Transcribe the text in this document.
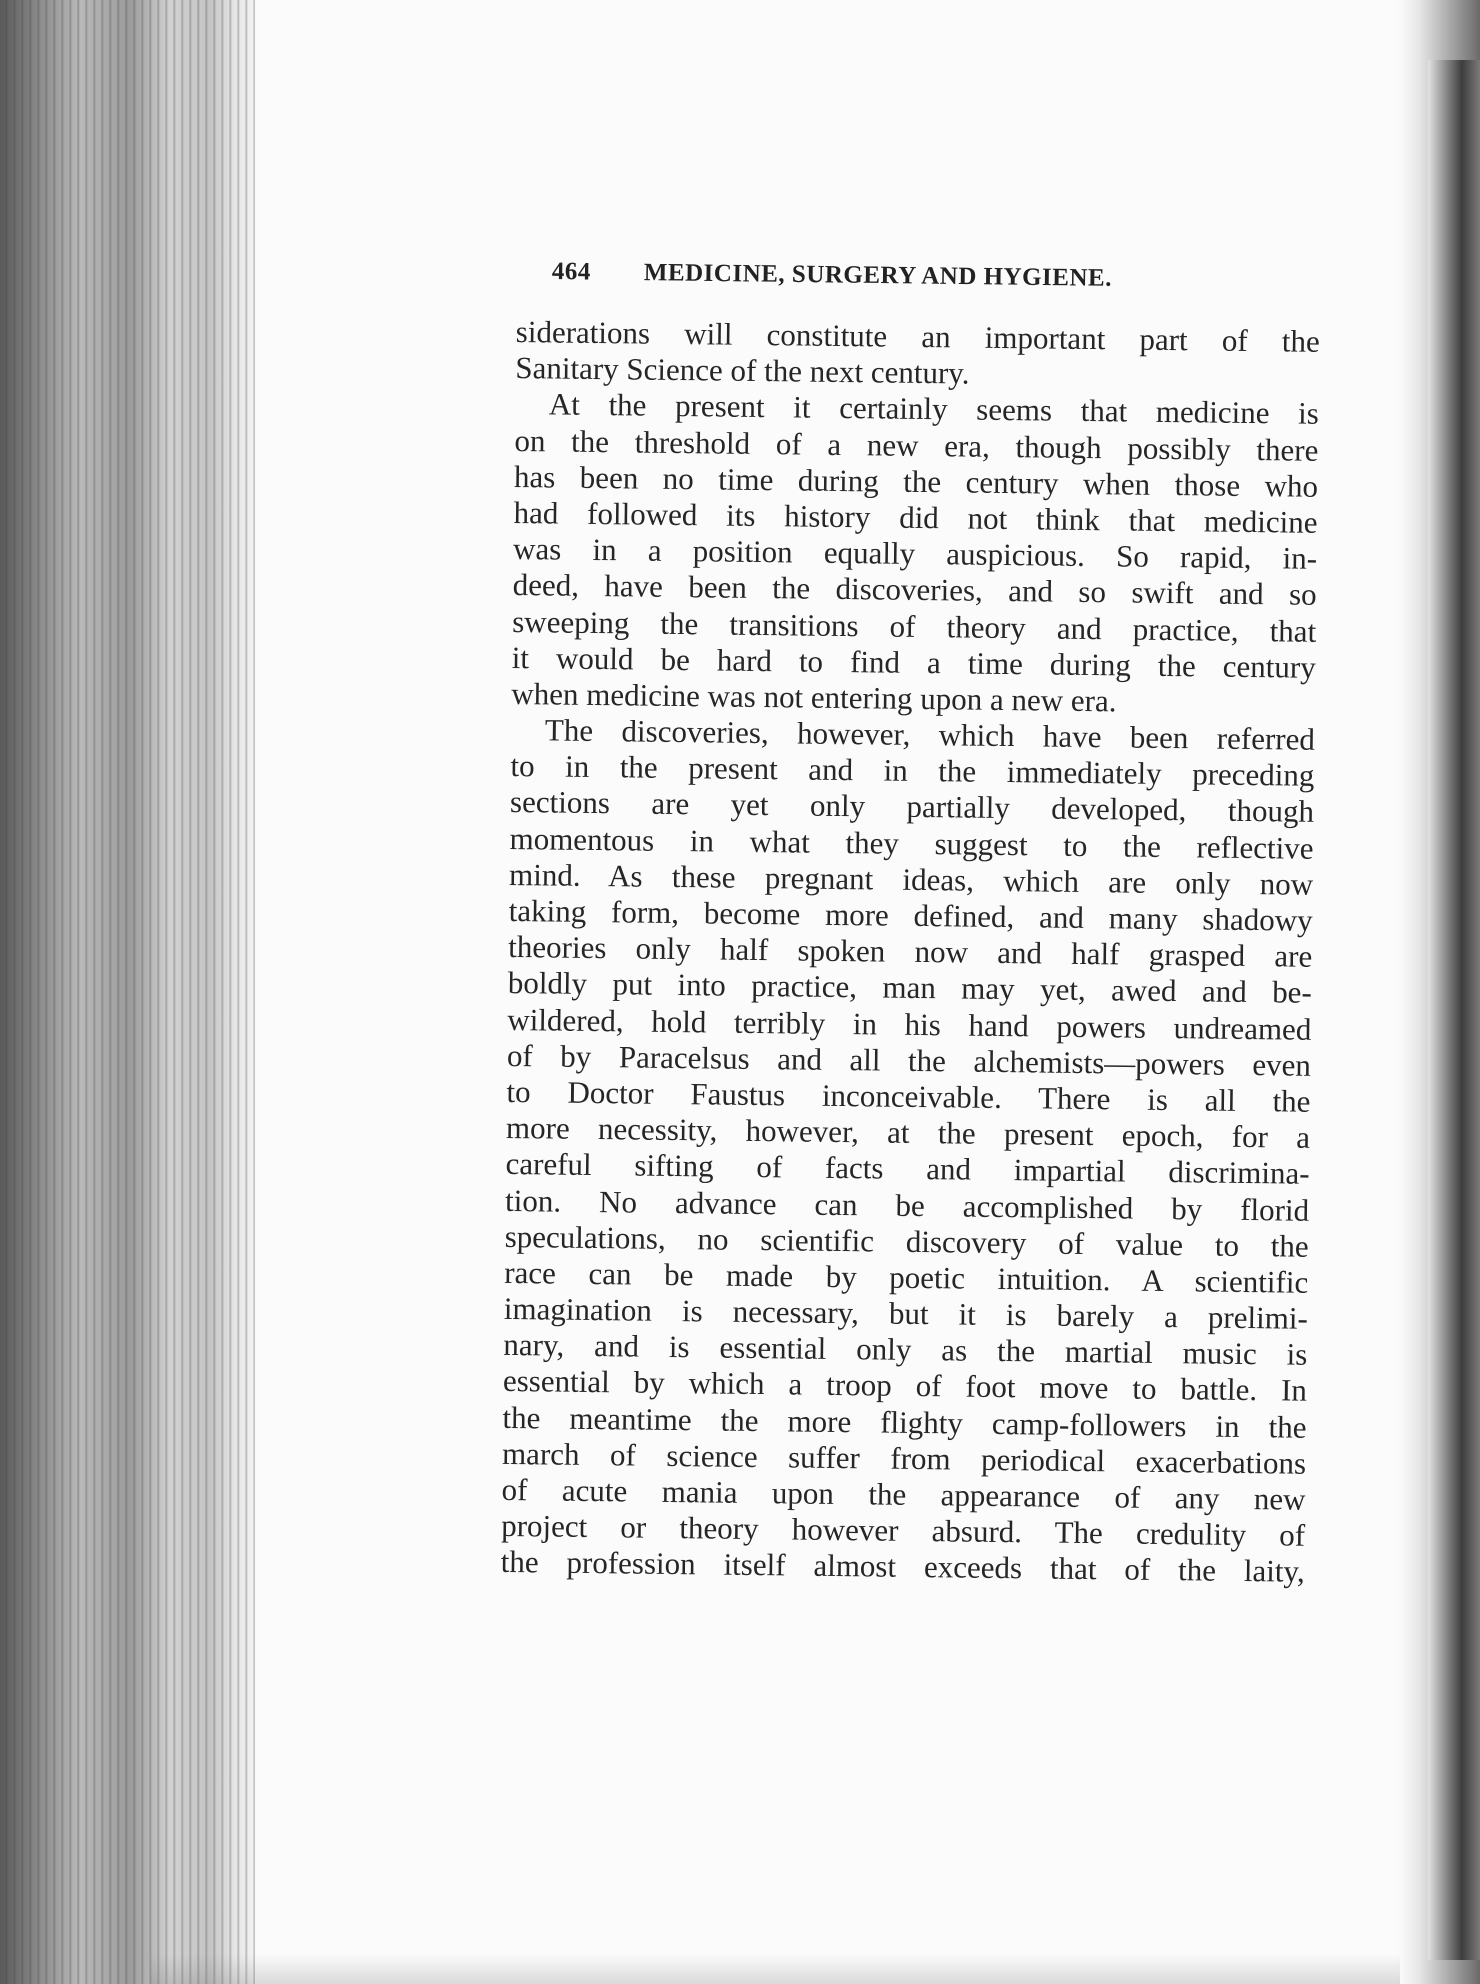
464 MEDICINE, SURGERY AND HYGIENE.
siderations will constitute an important part of the
Sanitary Science of the next century.
At the present it certainly seems that medicine is
on the threshold of a new era, though possibly there
has been no time during the century when those who
had followed its history did not think that medicine
was in a position equally auspicious. So rapid, in-
deed, have been the discoveries, and so swift and so
sweeping the transitions of theory and practice, that
it would be hard to find a time during the century
when medicine was not entering upon a new era.
The discoveries, however, which have been referred
to in the present and in the immediately preceding
sections are yet only partially developed, though
momentous in what they suggest to the reflective
mind. As these pregnant ideas, which are only now
taking form, become more defined, and many shadowy
theories only half spoken now and half grasped are
boldly put into practice, man may yet, awed and be-
wildered, hold terribly in his hand powers undreamed
of by Paracelsus and all the alchemists—powers even
to Doctor Faustus inconceivable. There is all the
more necessity, however, at the present epoch, for a
careful sifting of facts and impartial discrimina-
tion. No advance can be accomplished by florid
speculations, no scientific discovery of value to the
race can be made by poetic intuition. A scientific
imagination is necessary, but it is barely a prelimi-
nary, and is essential only as the martial music is
essential by which a troop of foot move to battle. In
the meantime the more flighty camp-followers in the
march of science suffer from periodical exacerbations
of acute mania upon the appearance of any new
project or theory however absurd. The credulity of
the profession itself almost exceeds that of the laity,
